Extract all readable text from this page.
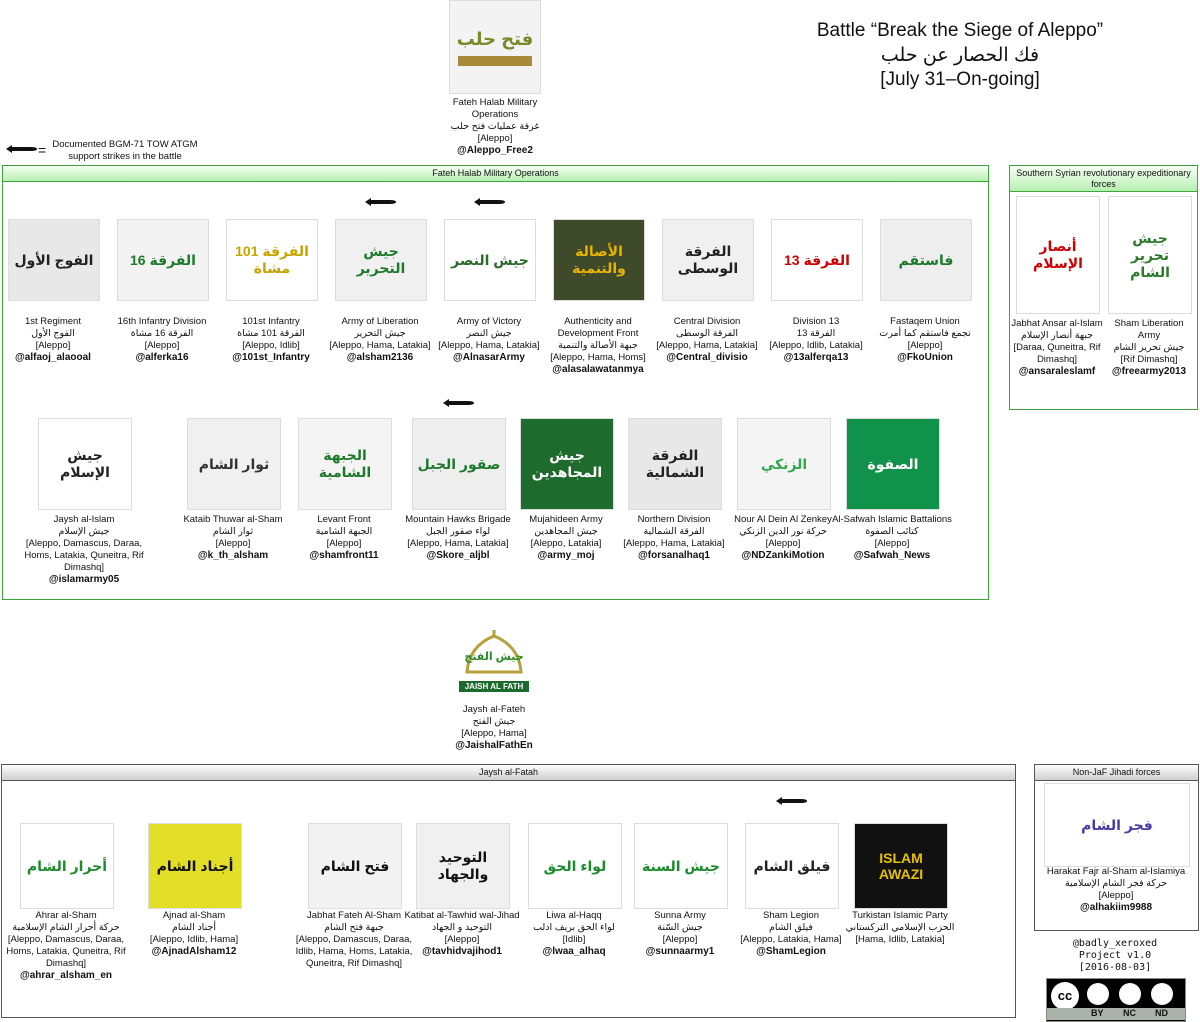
Battle “Break the Siege of Aleppo”
فك الحصار عن حلب
[July 31–On-going]
فتح حلب
Fateh Halab Military Operations
غرفة عمليات فتح حلب
[Aleppo]
@Aleppo_Free2
= Documented BGM-71 TOW ATGM support strikes in the battle
Fateh Halab Military Operations	Southern Syrian revolutionary expeditionary forces
Jaysh al-Fatah	Non-JaF Jihadi forces
جيش الفتح
JAISH AL FATH
Jaysh al-Fateh
جيش الفتح
[Aleppo, Hama]
@JaishalFathEn
@badly_xeroxed
Project v1.0
[2016-08-03]
cc
BY NC ND
الفوج الأول
1st Regiment
الفوج الأول
[Aleppo]
@alfaoj_alaooal
الفرقة 16
16th Infantry Division
الفرقة 16 مشاة
[Aleppo]
@alferka16
الفرقة 101 مشاة
101st Infantry
الفرقة 101 مشاة
[Aleppo, Idlib]
@101st_Infantry
جيش التحرير
Army of Liberation
جيش التحرير
[Aleppo, Hama, Latakia]
@alsham2136
جيش النصر
Army of Victory
جيش النصر
[Aleppo, Hama, Latakia]
@AlnasarArmy
الأصالة والتنمية
Authenticity and Development Front
جبهة الأصالة والتنمية
[Aleppo, Hama, Homs]
@alasalawatanmya
الفرقة الوسطى
Central Division
الفرقة الوسطى
[Aleppo, Hama, Latakia]
@Central_divisio
الفرقة 13
Division 13
الفرقة 13
[Aleppo, Idlib, Latakia]
@13alferqa13
فاستقم
Fastaqem Union
تجمع فاستقم كما أمرت
[Aleppo]
@FkoUnion
جيش الإسلام
Jaysh al-Islam
جيش الإسلام
[Aleppo, Damascus, Daraa, Homs, Latakia, Quneitra, Rif Dimashq]
@islamarmy05
ثوار الشام
Kataib Thuwar al-Sham
ثوار الشام
[Aleppo]
@k_th_alsham
الجبهة الشامية
Levant Front
الجبهة الشامية
[Aleppo]
@shamfront11
صقور الجبل
Mountain Hawks Brigade
لواء صقور الجبل
[Aleppo, Hama, Latakia]
@Skore_aljbl
جيش المجاهدين
Mujahideen Army
جيش المجاهدين
[Aleppo, Latakia]
@army_moj
الفرقة الشمالية
Northern Division
الفرقة الشمالية
[Aleppo, Hama, Latakia]
@forsanalhaq1
الزنكي
Nour Al Dein Al Zenkey
حركة نور الدين الزنكي
[Aleppo]
@NDZankiMotion
الصفوة
Al-Safwah Islamic Battalions
كتائب الصفوة
[Aleppo]
@Safwah_News
أنصار الإسلام
Jabhat Ansar al-Islam
جبهة أنصار الإسلام
[Daraa, Quneitra, Rif Dimashq]
@ansaraleslamf
جيش تحرير الشام
Sham Liberation Army
جيش تحرير الشام
[Rif Dimashq]
@freearmy2013
أحرار الشام
Ahrar al-Sham
حركة أحرار الشام الإسلامية
[Aleppo, Damascus, Daraa, Homs, Latakia, Quneitra, Rif Dimashq]
@ahrar_alsham_en
أجناد الشام
Ajnad al-Sham
أجناد الشام
[Aleppo, Idlib, Hama]
@AjnadAlsham12
فتح الشام
Jabhat Fateh Al-Sham
جبهة فتح الشام
[Aleppo, Damascus, Daraa, Idlib, Hama, Homs, Latakia, Quneitra, Rif Dimashq]
التوحيد والجهاد
Katibat al-Tawhid wal-Jihad
التوحيد و الجهاد
[Aleppo]
@tavhidvajihod1
لواء الحق
Liwa al-Haqq
لواء الحق بريف ادلب
[Idlib]
@lwaa_alhaq
جيش السنة
Sunna Army
جيش السّنة
[Aleppo]
@sunnaarmy1
فيلق الشام
Sham Legion
فيلق الشام
[Aleppo, Latakia, Hama]
@ShamLegion
ISLAM AWAZI
Turkistan Islamic Party
الحزب الإسلامي التركستاني
[Hama, Idlib, Latakia]
فجر الشام
Harakat Fajr al-Sham al-Islamiya
حركة فجر الشام الإسلامية
[Aleppo]
@alhakiim9988
